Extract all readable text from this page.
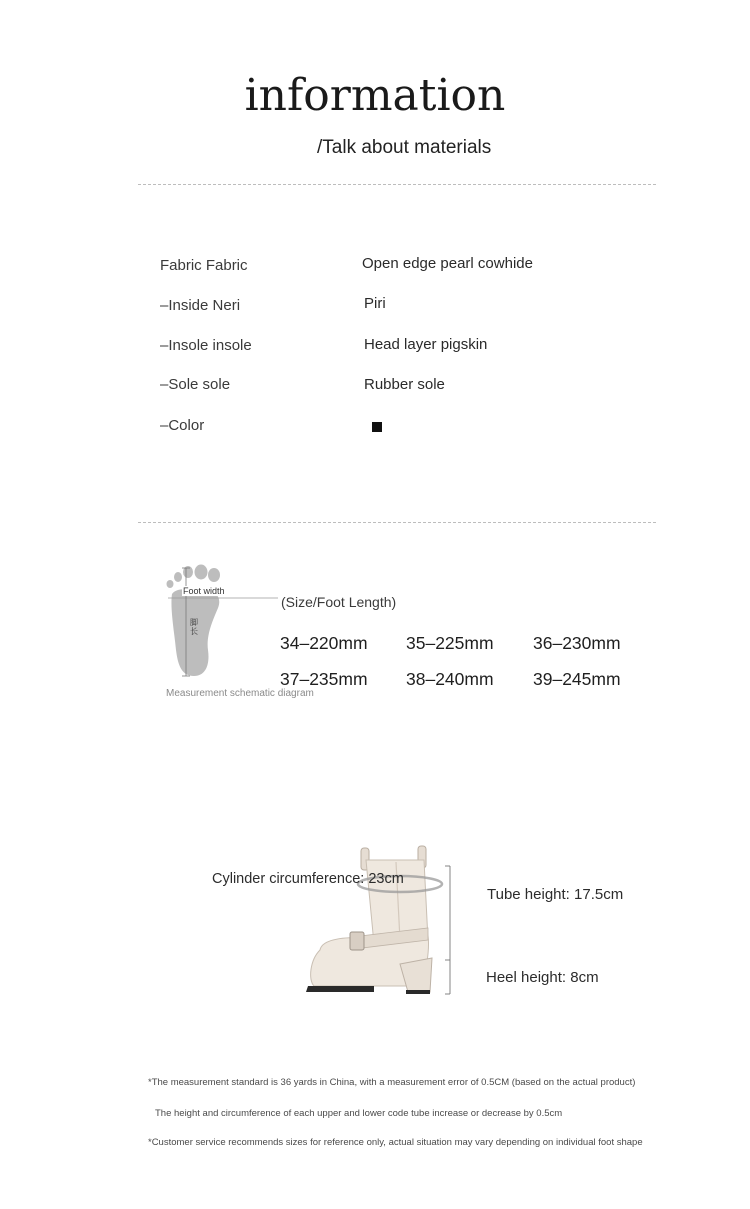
information
/Talk about materials
Fabric Fabric	Open edge pearl cowhide
–Inside Neri	Piri
–Insole insole	Head layer pigskin
–Sole sole	Rubber sole
–Color
Foot width
脚长
(Size/Foot Length)
Measurement schematic diagram
34–220mm 35–225mm 36–230mm
37–235mm 38–240mm 39–245mm
Cylinder circumference: 23cm
Tube height: 17.5cm
Heel height: 8cm
*The measurement standard is 36 yards in China, with a measurement error of 0.5CM (based on the actual product)
The height and circumference of each upper and lower code tube increase or decrease by 0.5cm
*Customer service recommends sizes for reference only, actual situation may vary depending on individual foot shape
